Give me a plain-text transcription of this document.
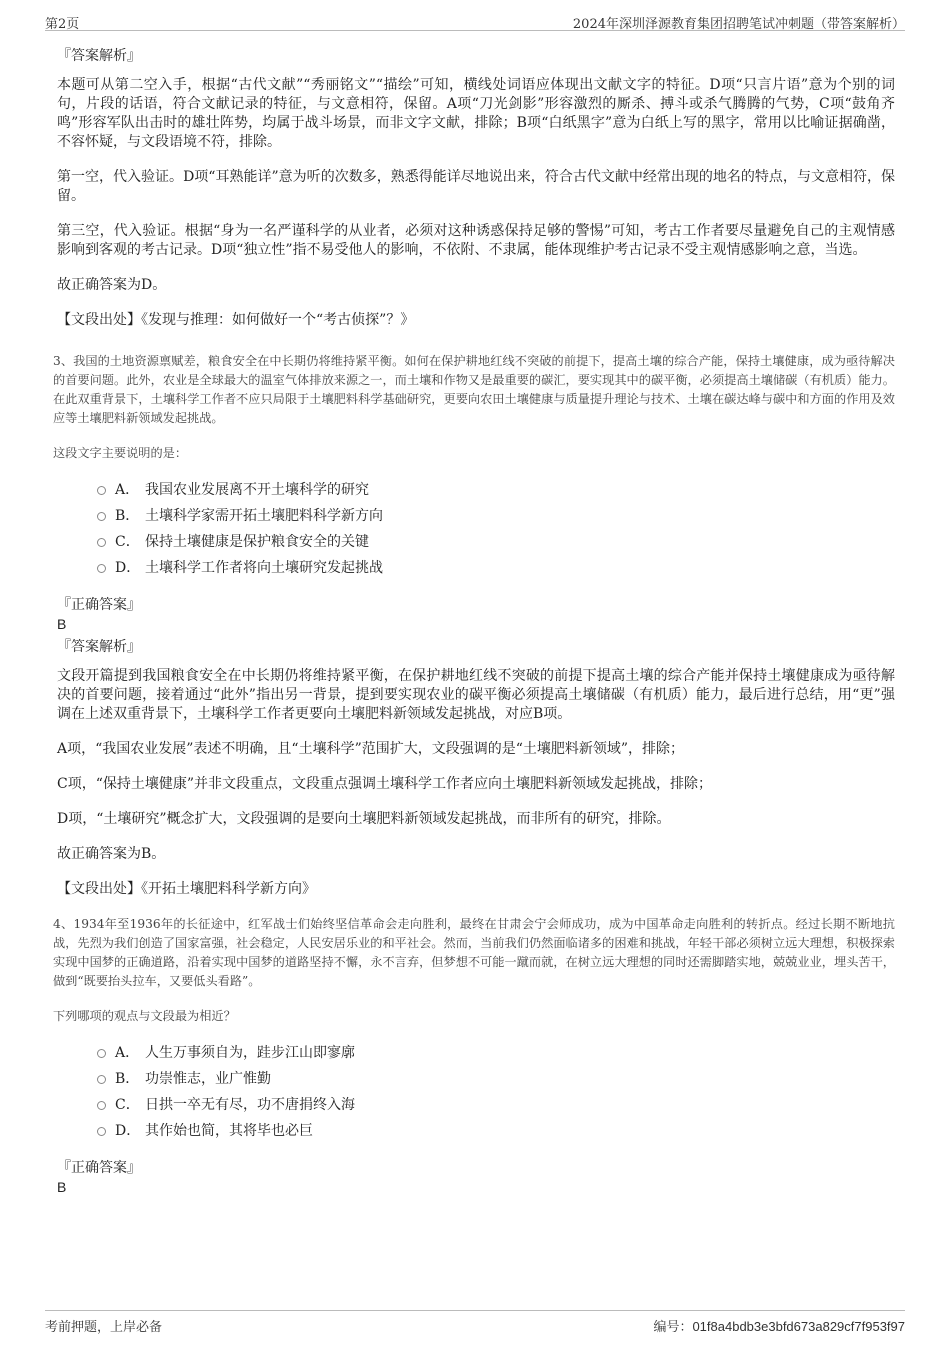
第2页	2024年深圳泽源教育集团招聘笔试冲刺题（带答案解析）

『答案解析』

本题可从第二空入手，根据“古代文献”“秀丽铭文”“描绘”可知，横线处词语应体现出文献文字的特征。D项“只言片语”意为个别的词句，片段的话语，符合文献记录的特征，与文意相符，保留。A项“刀光剑影”形容激烈的厮杀、搏斗或杀气腾腾的气势，C项“鼓角齐鸣”形容军队出击时的雄壮阵势，均属于战斗场景，而非文字文献，排除；B项“白纸黑字”意为白纸上写的黑字，常用以比喻证据确凿，不容怀疑，与文段语境不符，排除。

第一空，代入验证。D项“耳熟能详”意为听的次数多，熟悉得能详尽地说出来，符合古代文献中经常出现的地名的特点，与文意相符，保留。

第三空，代入验证。根据“身为一名严谨科学的从业者，必须对这种诱惑保持足够的警惕”可知，考古工作者要尽量避免自己的主观情感影响到客观的考古记录。D项“独立性”指不易受他人的影响，不依附、不隶属，能体现维护考古记录不受主观情感影响之意，当选。

故正确答案为D。

【文段出处】《发现与推理：如何做好一个“考古侦探”？》

3、我国的土地资源禀赋差，粮食安全在中长期仍将维持紧平衡。如何在保护耕地红线不突破的前提下，提高土壤的综合产能，保持土壤健康，成为亟待解决的首要问题。此外，农业是全球最大的温室气体排放来源之一，而土壤和作物又是最重要的碳汇，要实现其中的碳平衡，必须提高土壤储碳（有机质）能力。在此双重背景下，土壤科学工作者不应只局限于土壤肥料科学基础研究，更要向农田土壤健康与质量提升理论与技术、土壤在碳达峰与碳中和方面的作用及效应等土壤肥料新领域发起挑战。

这段文字主要说明的是：

A． 我国农业发展离不开土壤科学的研究
B． 土壤科学家需开拓土壤肥料科学新方向
C． 保持土壤健康是保护粮食安全的关键
D． 土壤科学工作者将向土壤研究发起挑战

『正确答案』

B

『答案解析』

文段开篇提到我国粮食安全在中长期仍将维持紧平衡，在保护耕地红线不突破的前提下提高土壤的综合产能并保持土壤健康成为亟待解决的首要问题，接着通过“此外”指出另一背景，提到要实现农业的碳平衡必须提高土壤储碳（有机质）能力，最后进行总结，用“更”强调在上述双重背景下，土壤科学工作者更要向土壤肥料新领域发起挑战，对应B项。

A项，“我国农业发展”表述不明确，且“土壤科学”范围扩大，文段强调的是“土壤肥料新领域”，排除；

C项，“保持土壤健康”并非文段重点，文段重点强调土壤科学工作者应向土壤肥料新领域发起挑战，排除；

D项，“土壤研究”概念扩大，文段强调的是要向土壤肥料新领域发起挑战，而非所有的研究，排除。

故正确答案为B。

【文段出处】《开拓土壤肥料科学新方向》

4、1934年至1936年的长征途中，红军战士们始终坚信革命会走向胜利，最终在甘肃会宁会师成功，成为中国革命走向胜利的转折点。经过长期不断地抗战，先烈为我们创造了国家富强，社会稳定，人民安居乐业的和平社会。然而，当前我们仍然面临诸多的困难和挑战，年轻干部必须树立远大理想，积极探索实现中国梦的正确道路，沿着实现中国梦的道路坚持不懈，永不言弃，但梦想不可能一蹴而就，在树立远大理想的同时还需脚踏实地，兢兢业业，埋头苦干，做到“既要抬头拉车，又要低头看路”。

下列哪项的观点与文段最为相近？

A． 人生万事须自为，跬步江山即寥廓
B． 功崇惟志，业广惟勤
C． 日拱一卒无有尽，功不唐捐终入海
D． 其作始也简，其将毕也必巨

『正确答案』

B

考前押题，上岸必备	编号：01f8a4bdb3e3bfd673a829cf7f953f97
